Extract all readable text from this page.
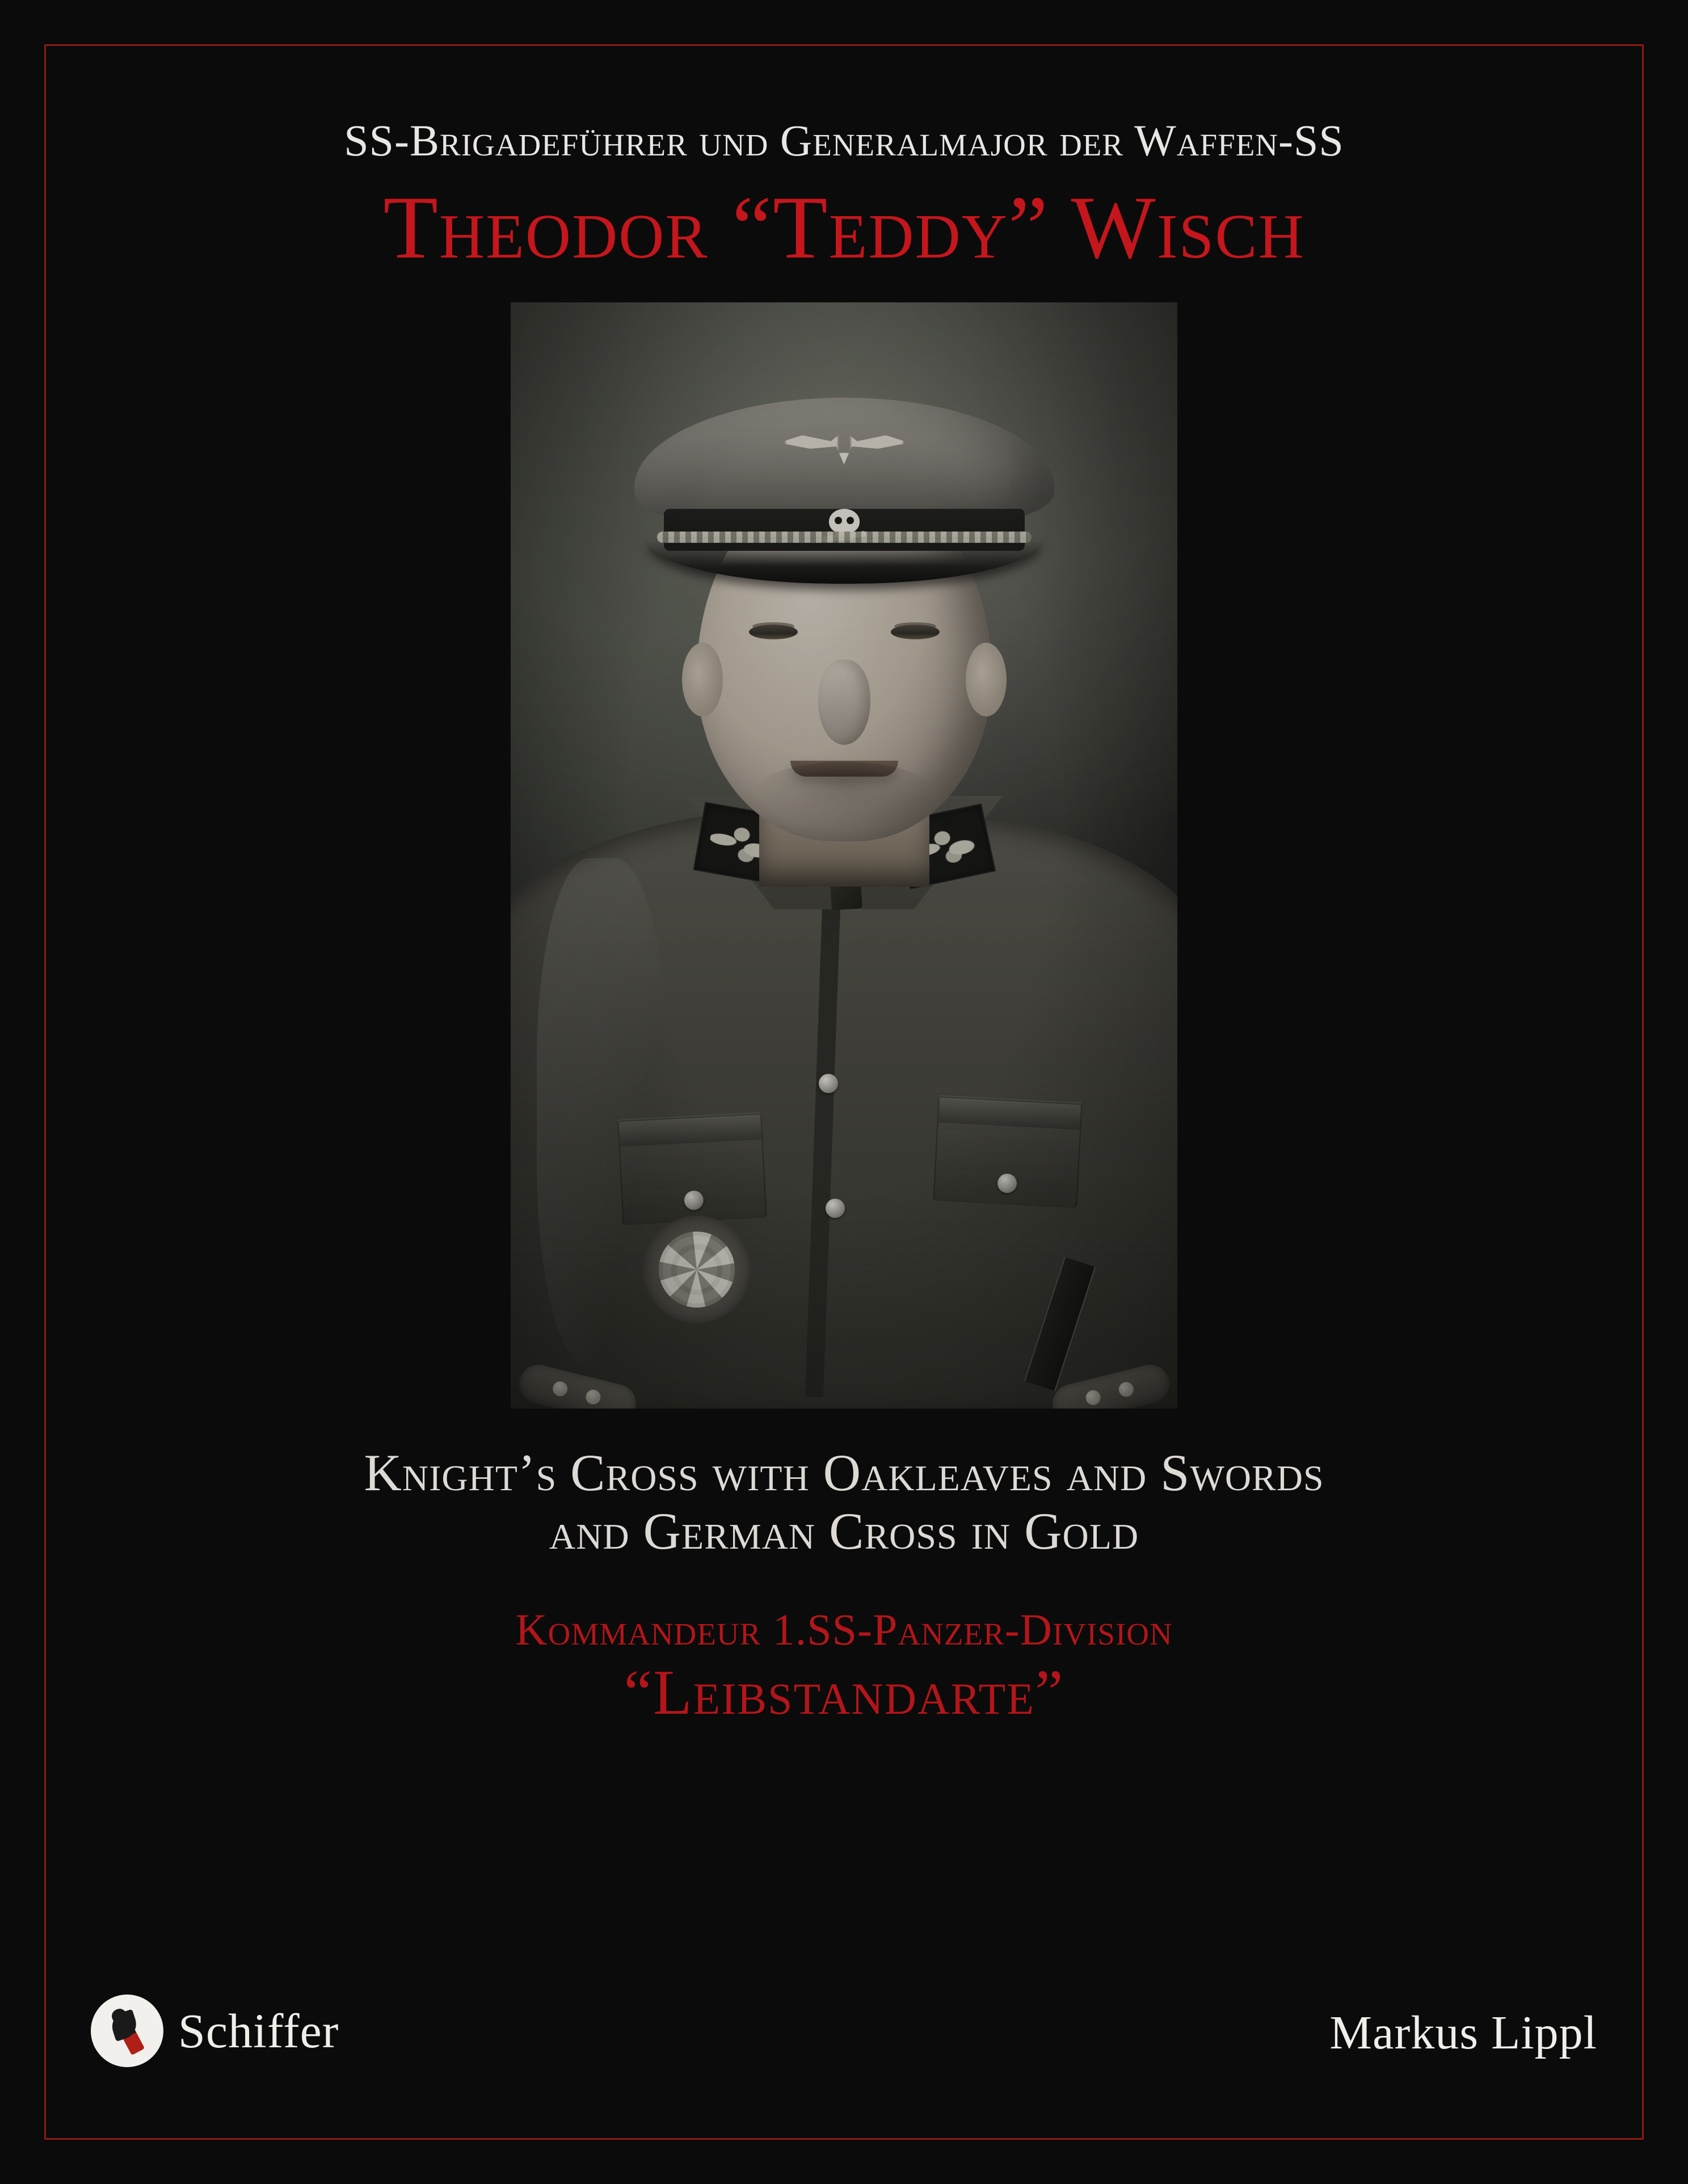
SS-Brigadeführer und Generalmajor der Waffen-SS
Theodor “Teddy” Wisch
Knight’s Cross with Oakleaves and Swords
and German Cross in Gold
Kommandeur 1.SS-Panzer-Division
“Leibstandarte”
Schiffer	Markus Lippl
